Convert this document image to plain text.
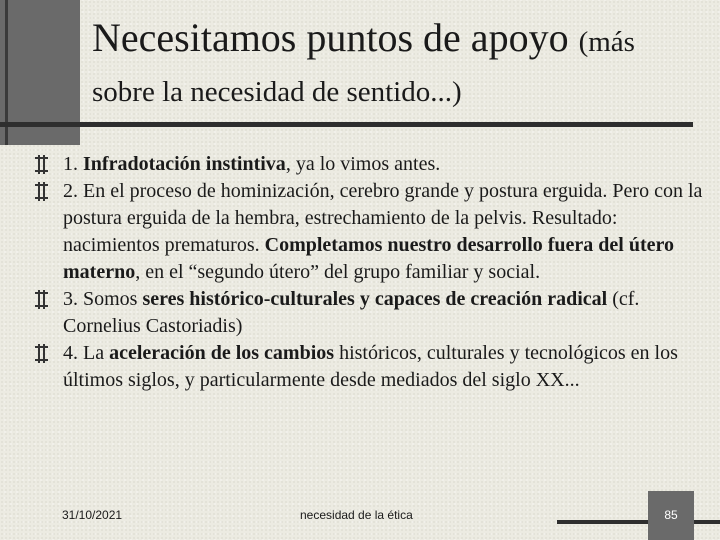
Necesitamos puntos de apoyo (más
sobre la necesidad de sentido...)
1. Infradotación instintiva, ya lo vimos antes.
2. En el proceso de hominización, cerebro grande y postura erguida. Pero con la postura erguida de la hembra, estrechamiento de la pelvis. Resultado: nacimientos prematuros. Completamos nuestro desarrollo fuera del útero materno, en el “segundo útero” del grupo familiar y social.
3. Somos seres histórico-culturales y capaces de creación radical (cf. Cornelius Castoriadis)
4. La aceleración de los cambios históricos, culturales y tecnológicos en los últimos siglos, y particularmente desde mediados del siglo XX...
31/10/2021	necesidad de la ética	85
